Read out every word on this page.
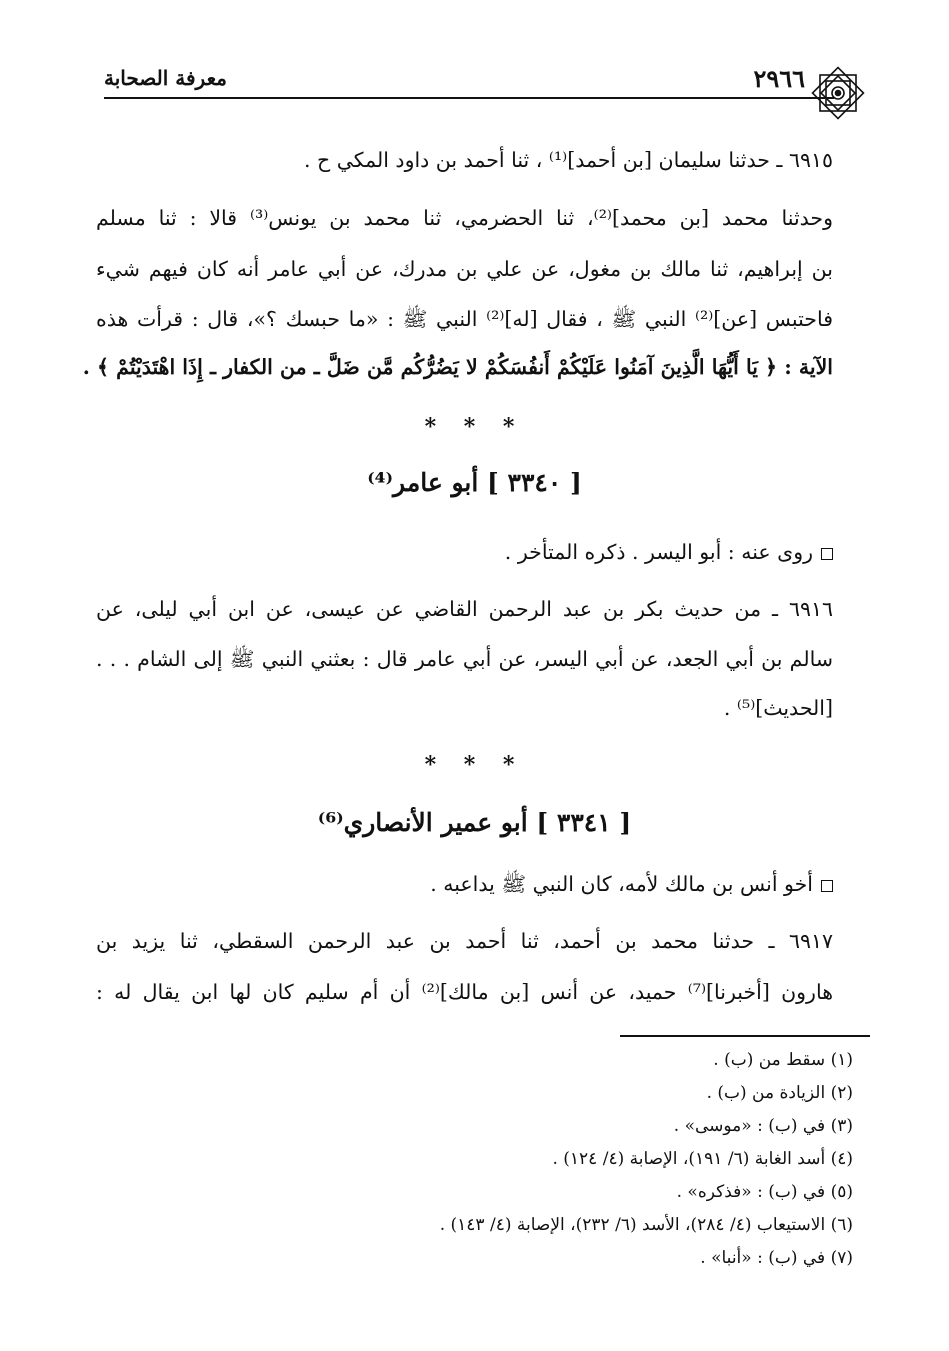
٢٩٦٦
معرفة الصحابة
٦٩١٥ ـ حدثنا سليمان [بن أحمد]⁽¹⁾ ، ثنا أحمد بن داود المكي ح .
وحدثنا محمد [بن محمد]⁽²⁾، ثنا الحضرمي، ثنا محمد بن يونس⁽³⁾ قالا : ثنا مسلم
بن إبراهيم، ثنا مالك بن مغول، عن علي بن مدرك، عن أبي عامر أنه كان فيهم شيء
فاحتبس [عن]⁽²⁾ النبي ﷺ ، فقال [له]⁽²⁾ النبي ﷺ : «ما حبسك ؟»، قال : قرأت هذه
الآية : ﴿ يَا أَيُّهَا الَّذِينَ آمَنُوا عَلَيْكُمْ أَنفُسَكُمْ لا يَضُرُّكُم مَّن ضَلَّ ـ من الكفار ـ إِذَا اهْتَدَيْتُمْ ﴾ .
* * *
[ ٣٣٤٠ ] أبو عامر⁽⁴⁾
روى عنه : أبو اليسر . ذكره المتأخر .
٦٩١٦ ـ من حديث بكر بن عبد الرحمن القاضي عن عيسى، عن ابن أبي ليلى، عن
سالم بن أبي الجعد، عن أبي اليسر، عن أبي عامر قال : بعثني النبي ﷺ إلى الشام . . .
[الحديث]⁽⁵⁾ .
* * *
[ ٣٣٤١ ] أبو عمير الأنصاري⁽⁶⁾
أخو أنس بن مالك لأمه، كان النبي ﷺ يداعبه .
٦٩١٧ ـ حدثنا محمد بن أحمد، ثنا أحمد بن عبد الرحمن السقطي، ثنا يزيد بن
هارون [أخبرنا]⁽⁷⁾ حميد، عن أنس [بن مالك]⁽²⁾ أن أم سليم كان لها ابن يقال له :
(١) سقط من (ب) .
(٢) الزيادة من (ب) .
(٣) في (ب) : «موسى» .
(٤) أسد الغابة (٦/ ١٩١)، الإصابة (٤/ ١٢٤) .
(٥) في (ب) : «فذكره» .
(٦) الاستيعاب (٤/ ٢٨٤)، الأسد (٦/ ٢٣٢)، الإصابة (٤/ ١٤٣) .
(٧) في (ب) : «أنبا» .
